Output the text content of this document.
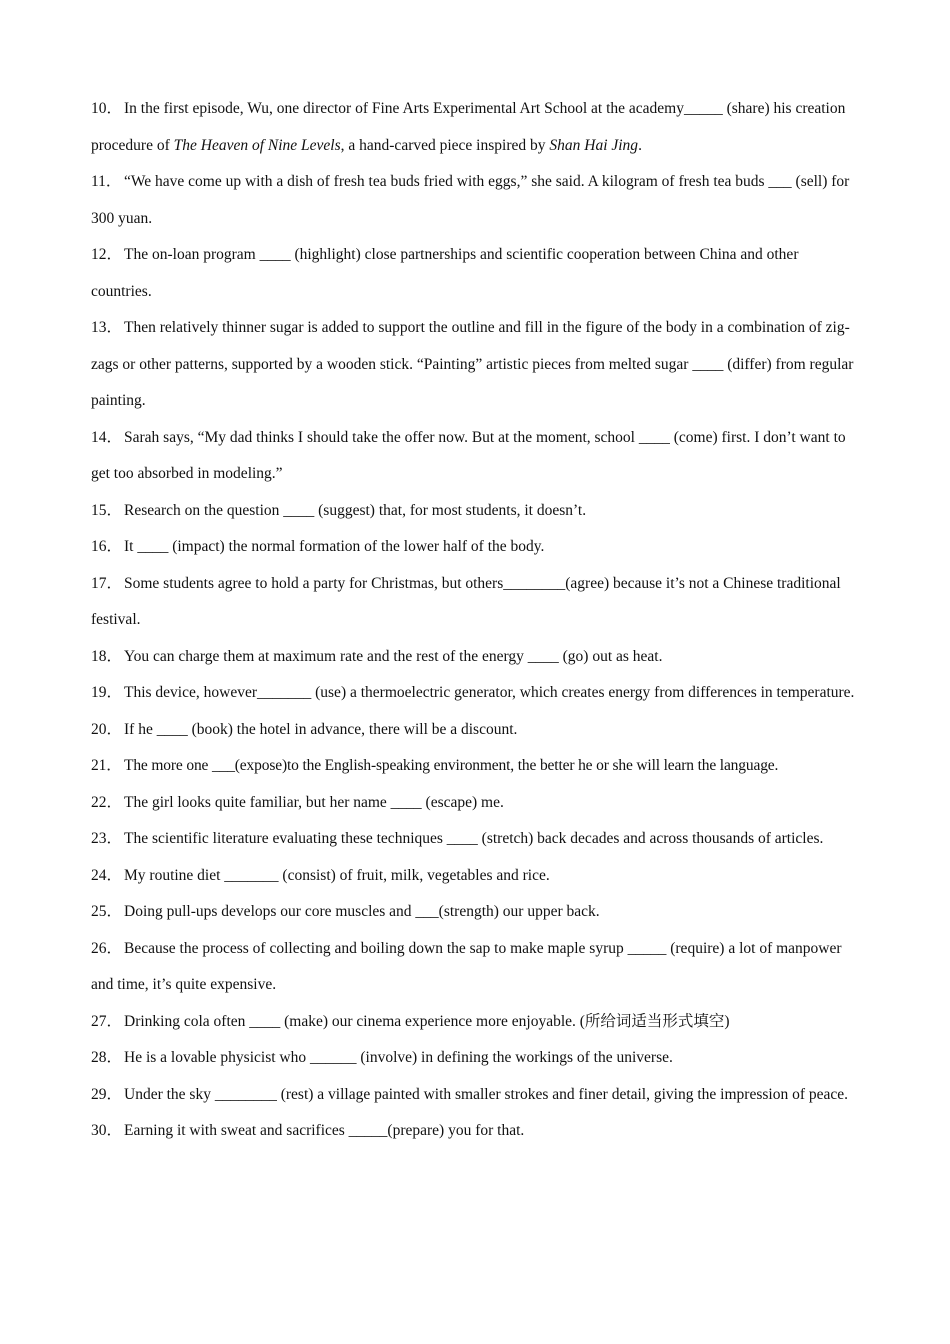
10． In the first episode, Wu, one director of Fine Arts Experimental Art School at the academy_____ (share) his creation procedure of The Heaven of Nine Levels, a hand-carved piece inspired by Shan Hai Jing.

11． “We have come up with a dish of fresh tea buds fried with eggs,” she said. A kilogram of fresh tea buds ___ (sell) for 300 yuan.

12． The on-loan program ____ (highlight) close partnerships and scientific cooperation between China and other countries.

13． Then relatively thinner sugar is added to support the outline and fill in the figure of the body in a combination of zig-zags or other patterns, supported by a wooden stick. “Painting” artistic pieces from melted sugar ____ (differ) from regular painting.

14． Sarah says, “My dad thinks I should take the offer now. But at the moment, school ____ (come) first. I don’t want to get too absorbed in modeling.”

15． Research on the question ____ (suggest) that, for most students, it doesn’t.

16． It ____ (impact) the normal formation of the lower half of the body.

17． Some students agree to hold a party for Christmas, but others________(agree) because it’s not a Chinese traditional festival.

18． You can charge them at maximum rate and the rest of the energy ____ (go) out as heat.

19． This device, however_______ (use) a thermoelectric generator, which creates energy from differences in temperature.

20． If he ____ (book) the hotel in advance, there will be a discount.

21． The more one ___(expose)to the English-speaking environment, the better he or she will learn the language.

22． The girl looks quite familiar, but her name ____ (escape) me.

23． The scientific literature evaluating these techniques ____ (stretch) back decades and across thousands of articles.

24． My routine diet _______ (consist) of fruit, milk, vegetables and rice.

25． Doing pull-ups develops our core muscles and ___(strength) our upper back.

26． Because the process of collecting and boiling down the sap to make maple syrup _____ (require) a lot of manpower and time, it’s quite expensive.

27． Drinking cola often ____ (make) our cinema experience more enjoyable. (所给词适当形式填空)

28． He is a lovable physicist who ______ (involve) in defining the workings of the universe.

29． Under the sky ________ (rest) a village painted with smaller strokes and finer detail, giving the impression of peace.

30． Earning it with sweat and sacrifices _____(prepare) you for that.
